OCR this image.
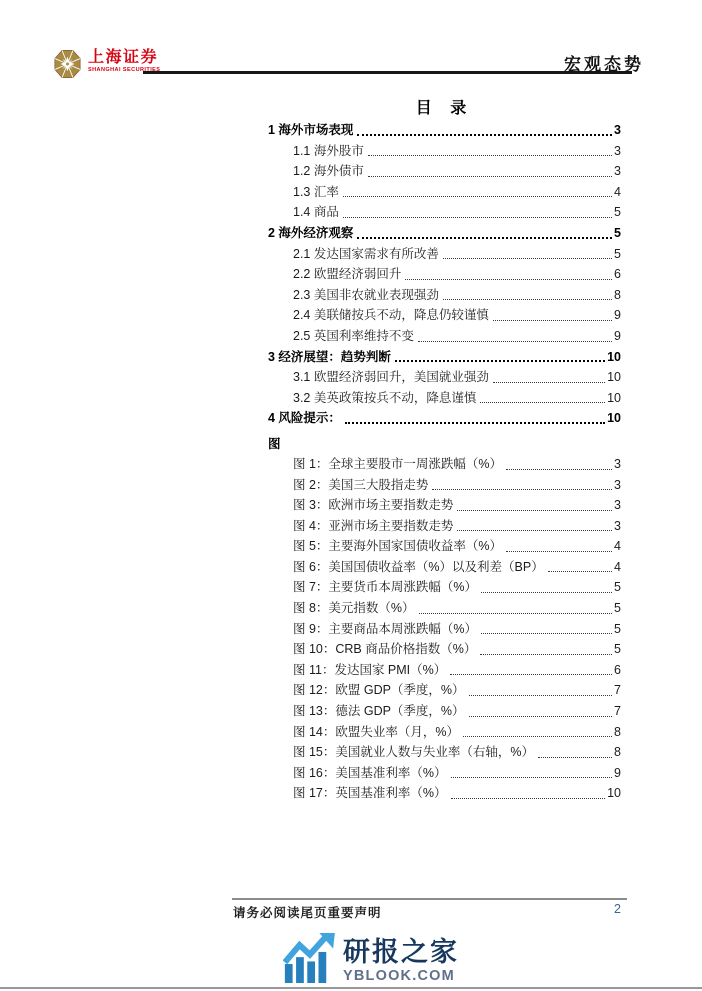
上海证券
SHANGHAI SECURITIES	宏观态势
目 录
1 海外市场表现	3
1.1 海外股市	3
1.2 海外债市	3
1.3 汇率	4
1.4 商品	5
2 海外经济观察	5
2.1 发达国家需求有所改善	5
2.2 欧盟经济弱回升	6
2.3 美国非农就业表现强劲	8
2.4 美联储按兵不动，降息仍较谨慎	9
2.5 英国利率维持不变	9
3 经济展望：趋势判断	10
3.1 欧盟经济弱回升，美国就业强劲	10
3.2 美英政策按兵不动，降息谨慎	10
4 风险提示：	10
图
图 1：全球主要股市一周涨跌幅（%）	3
图 2：美国三大股指走势	3
图 3：欧洲市场主要指数走势	3
图 4：亚洲市场主要指数走势	3
图 5：主要海外国家国债收益率（%）	4
图 6：美国国债收益率（%）以及利差（BP）	4
图 7：主要货币本周涨跌幅（%）	5
图 8：美元指数（%）	5
图 9：主要商品本周涨跌幅（%）	5
图 10：CRB 商品价格指数（%）	5
图 11：发达国家 PMI（%）	6
图 12：欧盟 GDP（季度，%）	7
图 13：德法 GDP（季度，%）	7
图 14：欧盟失业率（月，%）	8
图 15：美国就业人数与失业率（右轴，%）	8
图 16：美国基准利率（%）	9
图 17：英国基准利率（%）	10
请务必阅读尾页重要声明	2
研报之家
YBLOOK.COM
